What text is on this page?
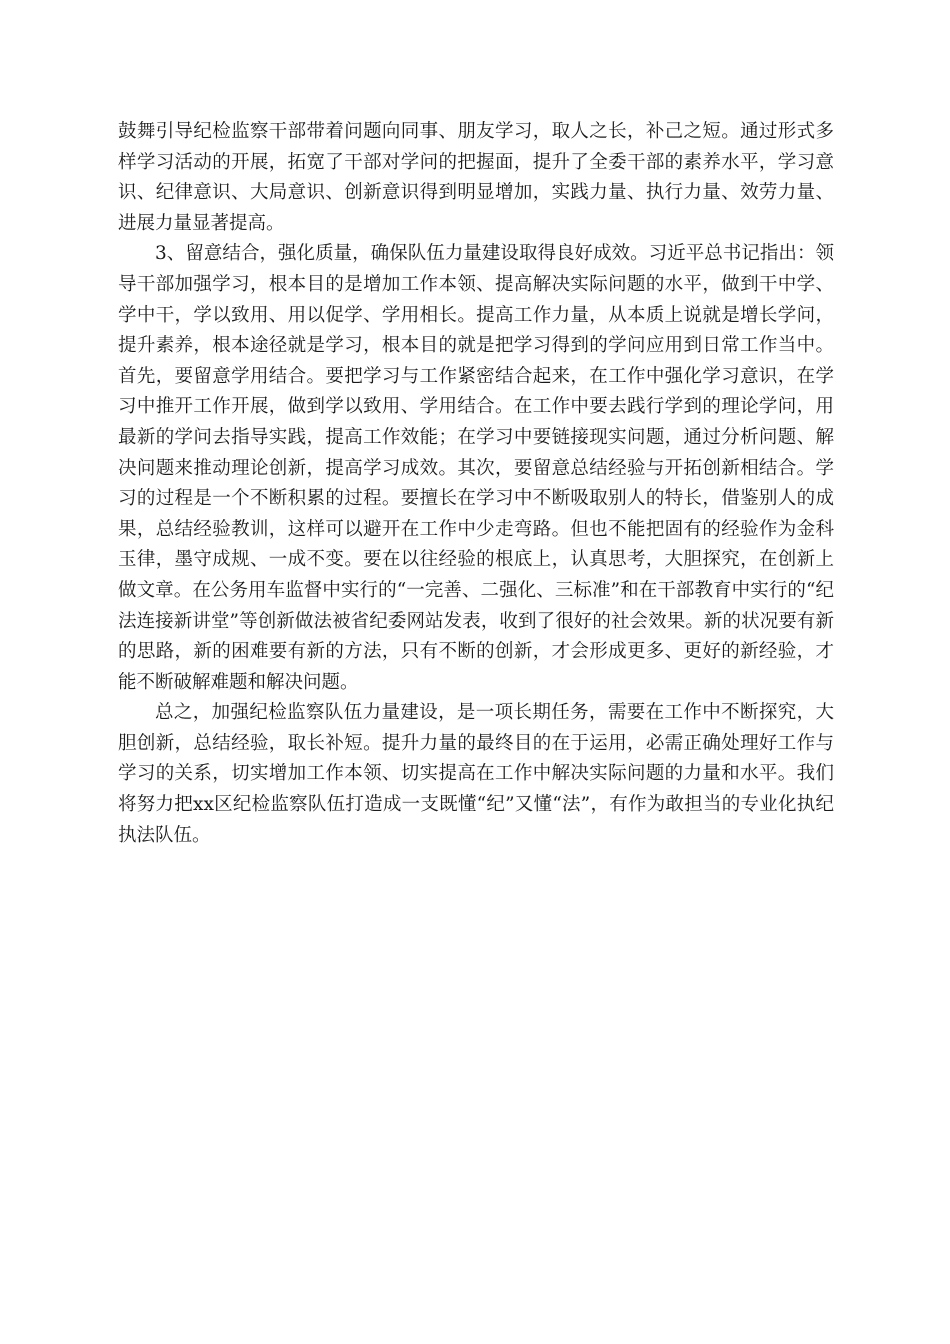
鼓舞引导纪检监察干部带着问题向同事、朋友学习，取人之长，补己之短。通过形式多样学习活动的开展，拓宽了干部对学问的把握面，提升了全委干部的素养水平，学习意识、纪律意识、大局意识、创新意识得到明显增加，实践力量、执行力量、效劳力量、进展力量显著提高。

3、留意结合，强化质量，确保队伍力量建设取得良好成效。习近平总书记指出：领导干部加强学习，根本目的是增加工作本领、提高解决实际问题的水平，做到干中学、学中干，学以致用、用以促学、学用相长。提高工作力量，从本质上说就是增长学问，提升素养，根本途径就是学习，根本目的就是把学习得到的学问应用到日常工作当中。首先，要留意学用结合。要把学习与工作紧密结合起来，在工作中强化学习意识，在学习中推开工作开展，做到学以致用、学用结合。在工作中要去践行学到的理论学问，用最新的学问去指导实践，提高工作效能；在学习中要链接现实问题，通过分析问题、解决问题来推动理论创新，提高学习成效。其次，要留意总结经验与开拓创新相结合。学习的过程是一个不断积累的过程。要擅长在学习中不断吸取别人的特长，借鉴别人的成果，总结经验教训，这样可以避开在工作中少走弯路。但也不能把固有的经验作为金科玉律，墨守成规、一成不变。要在以往经验的根底上，认真思考，大胆探究，在创新上做文章。在公务用车监督中实行的“一完善、二强化、三标准”和在干部教育中实行的“纪法连接新讲堂”等创新做法被省纪委网站发表，收到了很好的社会效果。新的状况要有新的思路，新的困难要有新的方法，只有不断的创新，才会形成更多、更好的新经验，才能不断破解难题和解决问题。

总之，加强纪检监察队伍力量建设，是一项长期任务，需要在工作中不断探究，大胆创新，总结经验，取长补短。提升力量的最终目的在于运用，必需正确处理好工作与学习的关系，切实增加工作本领、切实提高在工作中解决实际问题的力量和水平。我们将努力把xx区纪检监察队伍打造成一支既懂“纪”又懂“法”，有作为敢担当的专业化执纪执法队伍。
